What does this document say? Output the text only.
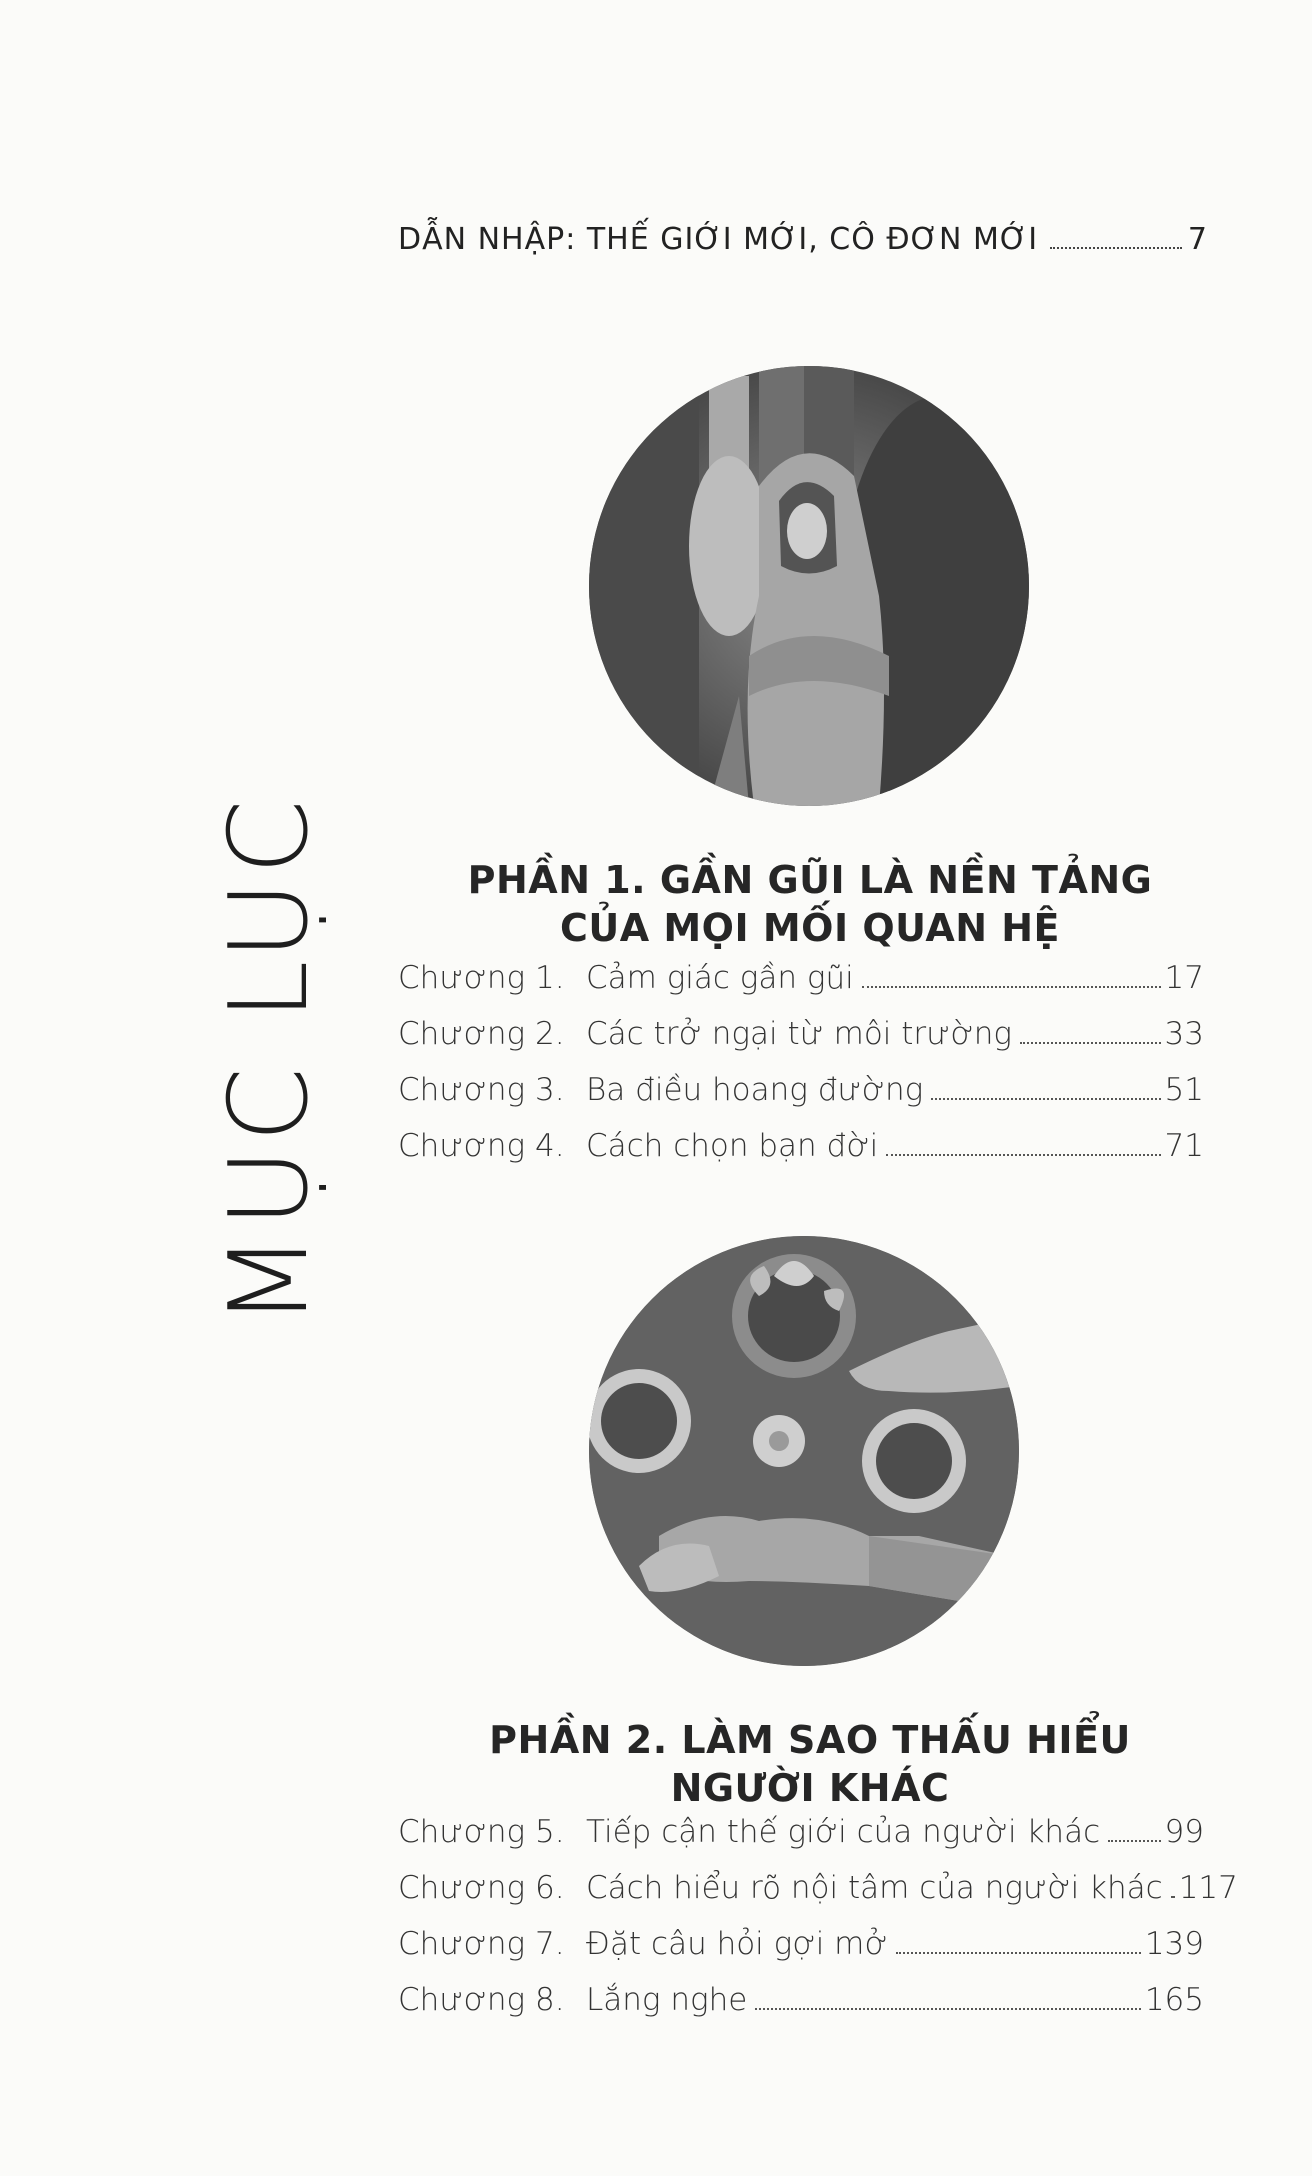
MỤC LỤC
DẪN NHẬP: THẾ GIỚI MỚI, CÔ ĐƠN MỚI	7
PHẦN 1. GẦN GŨI LÀ NỀN TẢNG
CỦA MỌI MỐI QUAN HỆ
Chương 1. Cảm giác gần gũi	17
Chương 2. Các trở ngại từ môi trường	33
Chương 3. Ba điều hoang đường	51
Chương 4. Cách chọn bạn đời	71
PHẦN 2. LÀM SAO THẤU HIỂU
NGƯỜI KHÁC
Chương 5. Tiếp cận thế giới của người khác 99
Chương 6. Cách hiểu rõ nội tâm của người khác 117
Chương 7. Đặt câu hỏi gợi mở	139
Chương 8. Lắng nghe	165
